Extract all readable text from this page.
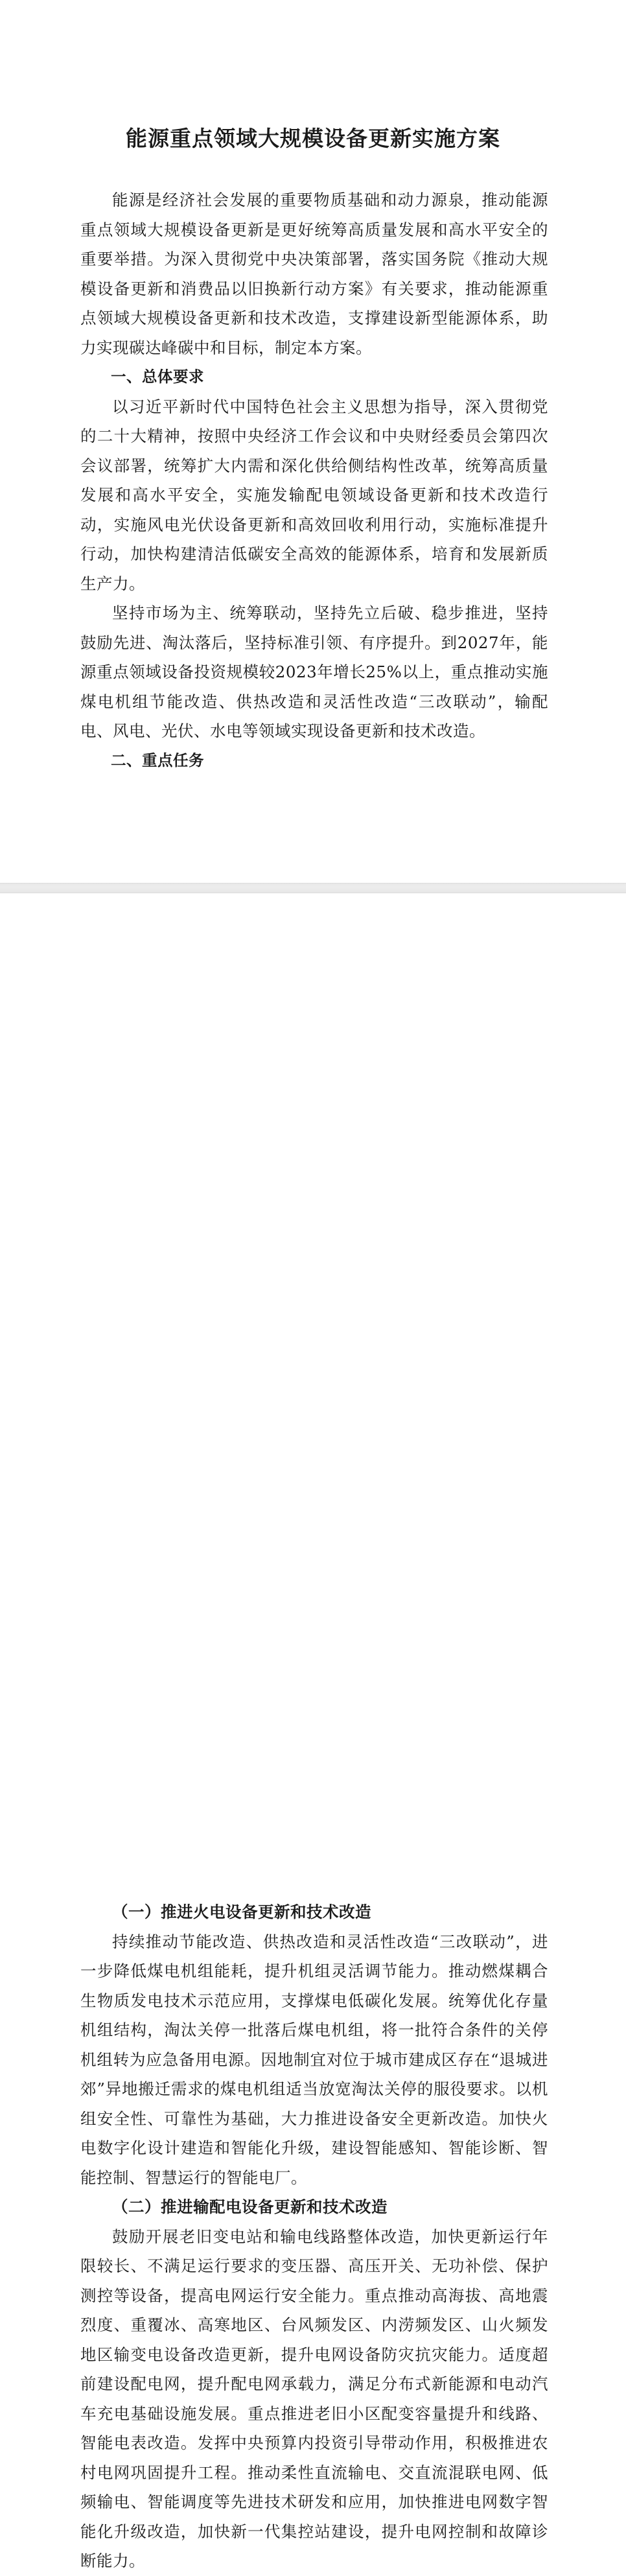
能源重点领域大规模设备更新实施方案

能源是经济社会发展的重要物质基础和动力源泉，推动能源重点领域大规模设备更新是更好统筹高质量发展和高水平安全的重要举措。为深入贯彻党中央决策部署，落实国务院《推动大规模设备更新和消费品以旧换新行动方案》有关要求，推动能源重点领域大规模设备更新和技术改造，支撑建设新型能源体系，助力实现碳达峰碳中和目标，制定本方案。

一、总体要求

以习近平新时代中国特色社会主义思想为指导，深入贯彻党的二十大精神，按照中央经济工作会议和中央财经委员会第四次会议部署，统筹扩大内需和深化供给侧结构性改革，统筹高质量发展和高水平安全，实施发输配电领域设备更新和技术改造行动，实施风电光伏设备更新和高效回收利用行动，实施标准提升行动，加快构建清洁低碳安全高效的能源体系，培育和发展新质生产力。

坚持市场为主、统筹联动，坚持先立后破、稳步推进，坚持鼓励先进、淘汰落后，坚持标准引领、有序提升。到2027年，能源重点领域设备投资规模较2023年增长25%以上，重点推动实施煤电机组节能改造、供热改造和灵活性改造“三改联动”，输配电、风电、光伏、水电等领域实现设备更新和技术改造。

二、重点任务

（一）推进火电设备更新和技术改造

持续推动节能改造、供热改造和灵活性改造“三改联动”，进一步降低煤电机组能耗，提升机组灵活调节能力。推动燃煤耦合生物质发电技术示范应用，支撑煤电低碳化发展。统筹优化存量机组结构，淘汰关停一批落后煤电机组，将一批符合条件的关停机组转为应急备用电源。因地制宜对位于城市建成区存在“退城进郊”异地搬迁需求的煤电机组适当放宽淘汰关停的服役要求。以机组安全性、可靠性为基础，大力推进设备安全更新改造。加快火电数字化设计建造和智能化升级，建设智能感知、智能诊断、智能控制、智慧运行的智能电厂。

（二）推进输配电设备更新和技术改造

鼓励开展老旧变电站和输电线路整体改造，加快更新运行年限较长、不满足运行要求的变压器、高压开关、无功补偿、保护测控等设备，提高电网运行安全能力。重点推动高海拔、高地震烈度、重覆冰、高寒地区、台风频发区、内涝频发区、山火频发地区输变电设备改造更新，提升电网设备防灾抗灾能力。适度超前建设配电网，提升配电网承载力，满足分布式新能源和电动汽车充电基础设施发展。重点推进老旧小区配变容量提升和线路、智能电表改造。发挥中央预算内投资引导带动作用，积极推进农村电网巩固提升工程。推动柔性直流输电、交直流混联电网、低频输电、智能调度等先进技术研发和应用，加快推进电网数字智能化升级改造，加快新一代集控站建设，提升电网控制和故障诊断能力。
